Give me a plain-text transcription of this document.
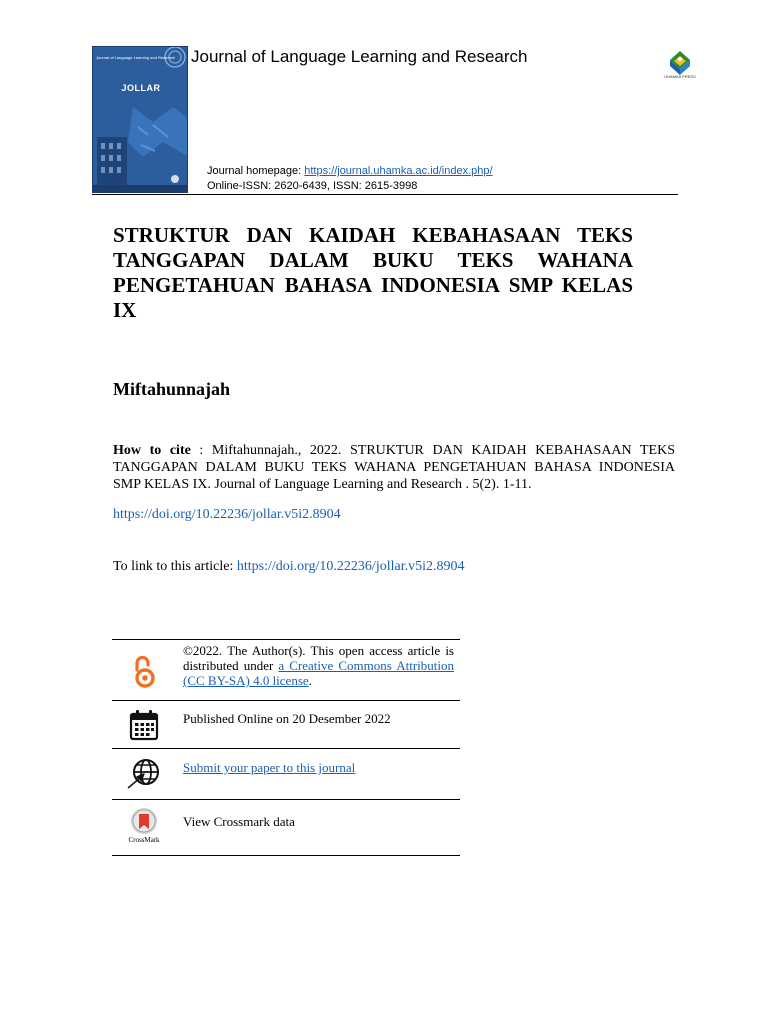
Journal of Language Learning and Research
JOLLAR
Journal of Language Learning and Research
UHAMKA PRESS
Journal homepage: https://journal.uhamka.ac.id/index.php/
Online-ISSN: 2620-6439, ISSN: 2615-3998
STRUKTUR DAN KAIDAH KEBAHASAAN TEKS TANGGAPAN DALAM BUKU TEKS WAHANA PENGETAHUAN BAHASA INDONESIA SMP KELAS IX
Miftahunnajah
How to cite : Miftahunnajah., 2022. STRUKTUR DAN KAIDAH KEBAHASAAN TEKS TANGGAPAN DALAM BUKU TEKS WAHANA PENGETAHUAN BAHASA INDONESIA SMP KELAS IX. Journal of Language Learning and Research . 5(2). 1-11.
https://doi.org/10.22236/jollar.v5i2.8904
To link to this article: https://doi.org/10.22236/jollar.v5i2.8904
©2022. The Author(s). This open access article is distributed under a Creative Commons Attribution (CC BY-SA) 4.0 license.
Published Online on 20 Desember 2022
Submit your paper to this journal
CrossMark
View Crossmark data
